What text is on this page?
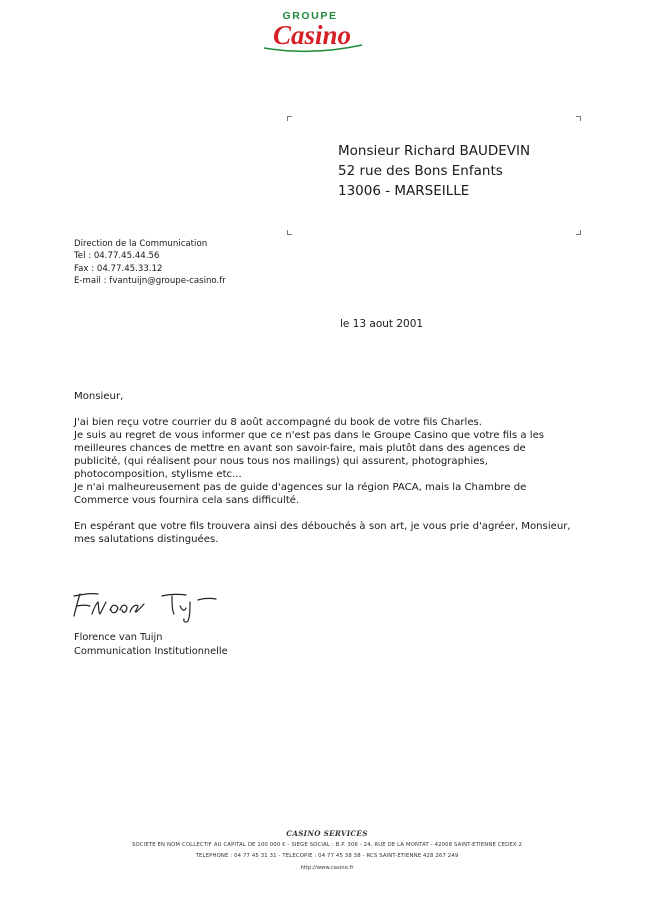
GROUPE
Casino
Monsieur Richard BAUDEVIN
52 rue des Bons Enfants
13006 - MARSEILLE
Direction de la Communication
Tel : 04.77.45.44.56
Fax : 04.77.45.33.12
E-mail : fvantuijn@groupe-casino.fr
le 13 aout 2001

Monsieur,

J'ai bien reçu votre courrier du 8 août accompagné du book de votre fils Charles.

Je suis au regret de vous informer que ce n'est pas dans le Groupe Casino que votre fils a les meilleures chances de mettre en avant son savoir-faire, mais plutôt dans des agences de publicité, (qui réalisent pour nous tous nos mailings) qui assurent, photographies, photocomposition, stylisme etc...

Je n'ai malheureusement pas de guide d'agences sur la région PACA, mais la Chambre de Commerce vous fournira cela sans difficulté.

En espérant que votre fils trouvera ainsi des débouchés à son art, je vous prie d'agréer, Monsieur, mes salutations distinguées.

Florence van Tuijn
Communication Institutionnelle
CASINO SERVICES
SOCIETE EN NOM COLLECTIF AU CAPITAL DE 100 000 € - SIEGE SOCIAL : B.P. 306 - 24, RUE DE LA MONTAT - 42008 SAINT-ETIENNE CEDEX 2
TELEPHONE : 04 77 45 31 31 - TELECOPIE : 04 77 45 38 38 - RCS SAINT-ETIENNE 428 267 249
http://www.casino.fr
